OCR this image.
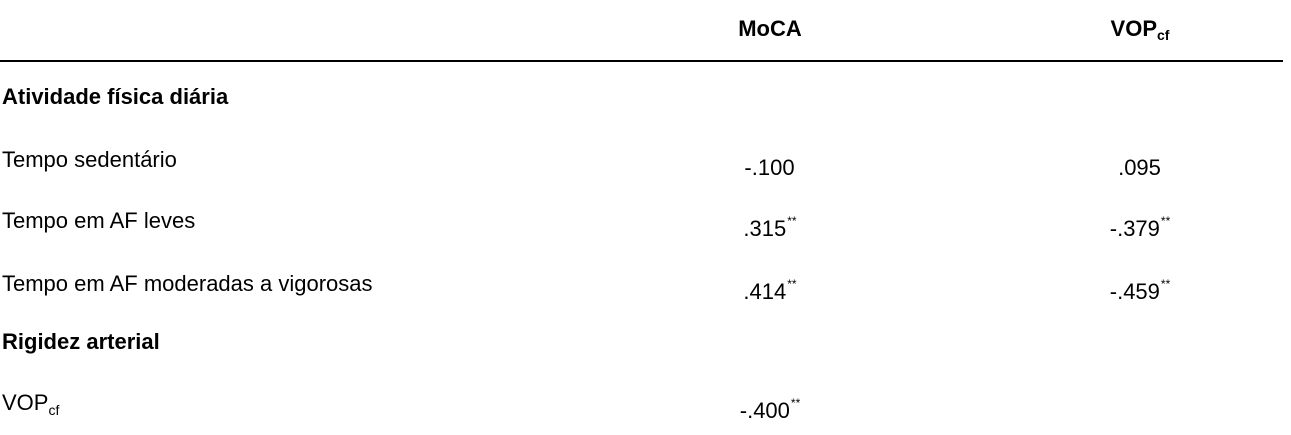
MoCA	$VOP_{cf}$
Atividade física diária
Tempo sedentário	-.100	.095
Tempo em AF leves	.315**	-.379**
Tempo em AF moderadas a vigorosas	.414**	-.459**
Rigidez arterial
$VOP_{cf}$	-.400**
